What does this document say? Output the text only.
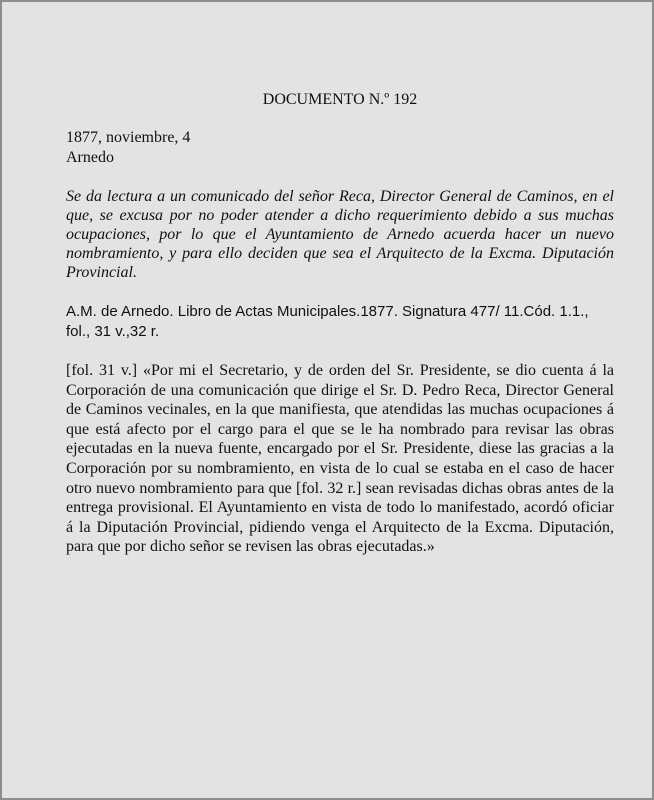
DOCUMENTO N.º 192
1877, noviembre, 4
Arnedo
Se da lectura a un comunicado del señor Reca, Director General de Caminos, en el que, se excusa por no poder atender a dicho requerimiento debido a sus muchas ocupaciones, por lo que el Ayuntamiento de Arnedo acuerda hacer un nuevo nombramiento, y para ello deciden que sea el Arquitecto de la Excma. Diputación Provincial.
A.M. de Arnedo. Libro de Actas Municipales.1877. Signatura 477/ 11.Cód. 1.1., fol., 31 v.,32 r.
[fol. 31 v.] «Por mi el Secretario, y de orden del Sr. Presidente, se dio cuenta á la Corporación de una comunicación que dirige el Sr. D. Pedro Reca, Director General de Caminos vecinales, en la que manifiesta, que atendidas las muchas ocupaciones á que está afecto por el cargo para el que se le ha nombrado para revisar las obras ejecutadas en la nueva fuente, encargado por el Sr. Presidente, diese las gracias a la Corporación por su nombramiento, en vista de lo cual se estaba en el caso de hacer otro nuevo nombramiento para que [fol. 32 r.] sean revisadas dichas obras antes de la entrega provisional. El Ayuntamiento en vista de todo lo manifestado, acordó oficiar á la Diputación Provincial, pidiendo venga el Arquitecto de la Excma. Diputación, para que por dicho señor se revisen las obras ejecutadas.»
